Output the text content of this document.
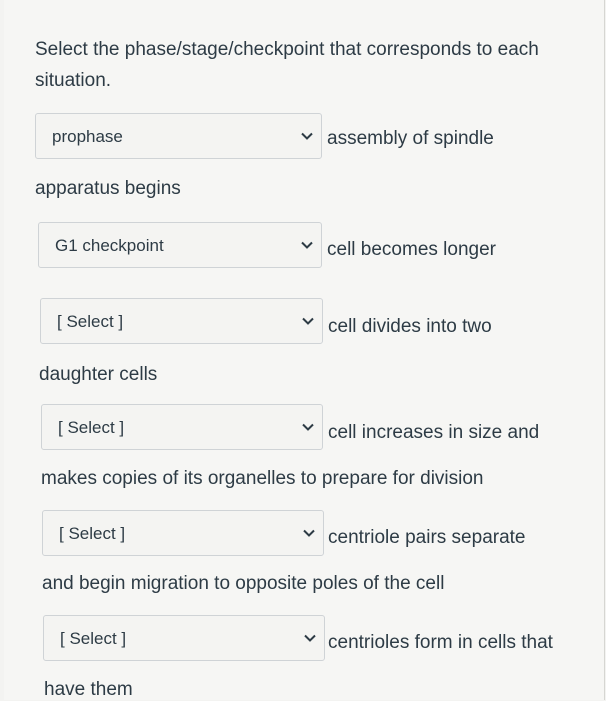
Select the phase/stage/checkpoint that corresponds to each situation.
prophase	assembly of spindle
apparatus begins
G1 checkpoint	cell becomes longer
[ Select ]	cell divides into two
daughter cells
[ Select ]	cell increases in size and
makes copies of its organelles to prepare for division
[ Select ]	centriole pairs separate
and begin migration to opposite poles of the cell
[ Select ]	centrioles form in cells that
have them
